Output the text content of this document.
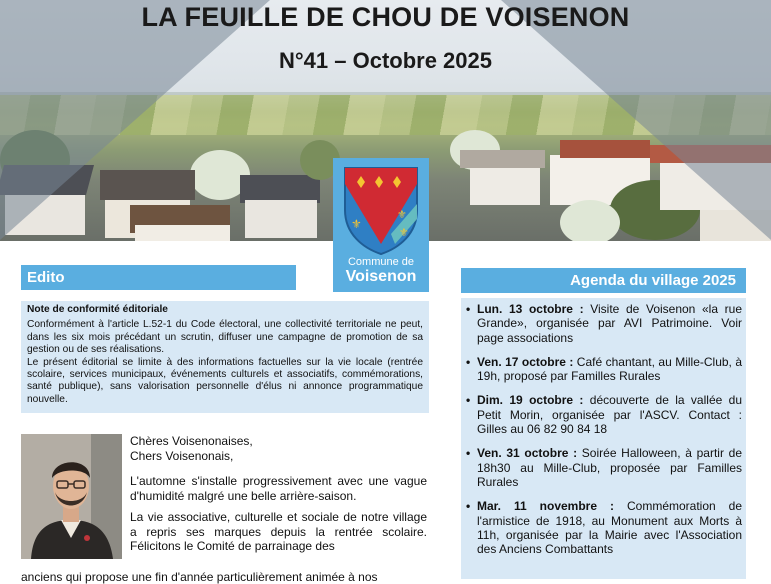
LA FEUILLE DE CHOU DE VOISENON
N°41 – Octobre 2025
⚜
⚜
⚜
Commune de
Voisenon
Edito
Note de conformité éditoriale

Conformément à l'article L.52-1 du Code électoral, une collectivité territoriale ne peut, dans les six mois précédant un scrutin, diffuser une campagne de promotion de sa gestion ou de ses réalisations.

Le présent éditorial se limite à des informations factuelles sur la vie locale (rentrée scolaire, services municipaux, événements culturels et associatifs, commémorations, santé publique), sans valorisation personnelle d'élus ni annonce programmatique nouvelle.

Chères Voisenonaises,

Chers Voisenonais,

L'automne s'installe progressivement avec une vague d'humidité malgré une belle arrière-saison.

La vie associative, culturelle et sociale de notre village a repris ses marques depuis la rentrée scolaire. Félicitons le Comité de parrainage des

anciens qui propose une fin d'année particulièrement animée à nos
Agenda du village 2025
• Lun. 13 octobre : Visite de Voisenon «la rue Grande», organisée par AVI Patrimoine. Voir page associations
• Ven. 17 octobre : Café chantant, au Mille-Club, à 19h, proposé par Familles Rurales
• Dim. 19 octobre : découverte de la vallée du Petit Morin, organisée par l'ASCV. Contact : Gilles au 06 82 90 84 18
• Ven. 31 octobre : Soirée Halloween, à partir de 18h30 au Mille-Club, proposée par Familles Rurales
• Mar. 11 novembre : Commémoration de l'armistice de 1918, au Monument aux Morts à 11h, organisée par la Mairie avec l'Association des Anciens Combattants
